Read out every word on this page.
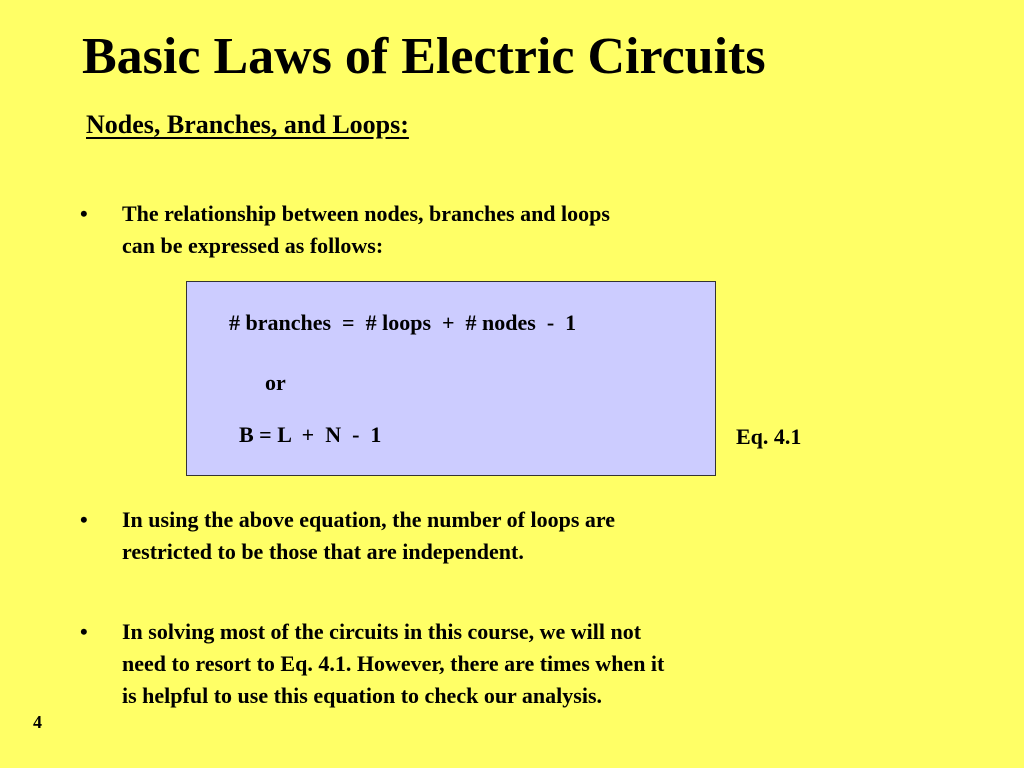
Basic Laws of Electric Circuits
Nodes, Branches, and Loops:
• The relationship between nodes, branches and loops
can be expressed as follows:
# branches  =  # loops  +  # nodes  -  1
or
B = L  +  N  -  1	Eq. 4.1
• In using the above equation, the number of loops are
restricted to be those that are independent.
• In solving most of the circuits in this course, we will not
need to resort to Eq. 4.1. However, there are times when it
is helpful to use this equation to check our analysis.
4
